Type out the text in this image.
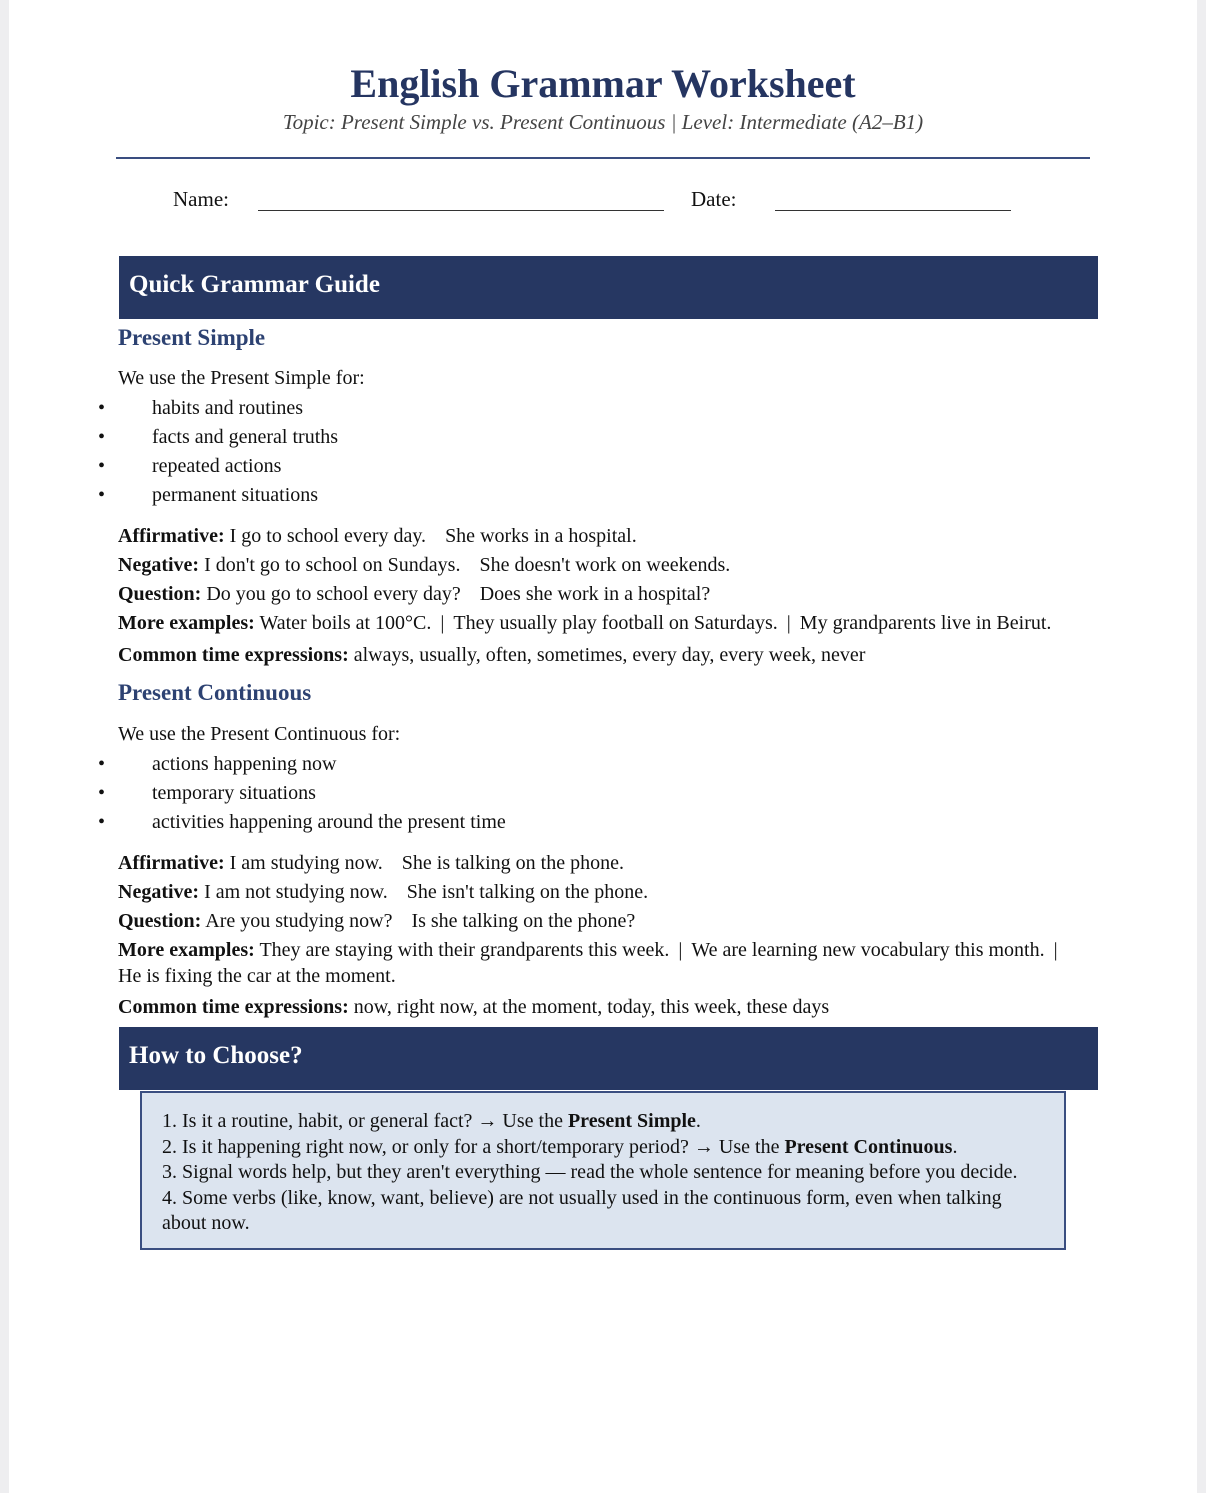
English Grammar Worksheet
Topic: Present Simple vs. Present Continuous | Level: Intermediate (A2–B1)
Name:	Date:
Quick Grammar Guide
Present Simple
We use the Present Simple for:
• habits and routines
• facts and general truths
• repeated actions
• permanent situations
Affirmative: I go to school every day. She works in a hospital.
Negative: I don't go to school on Sundays. She doesn't work on weekends.
Question: Do you go to school every day? Does she work in a hospital?
More examples: Water boils at 100°C. | They usually play football on Saturdays. | My grandparents live in Beirut.
Common time expressions: always, usually, often, sometimes, every day, every week, never
Present Continuous
We use the Present Continuous for:
• actions happening now
• temporary situations
• activities happening around the present time
Affirmative: I am studying now. She is talking on the phone.
Negative: I am not studying now. She isn't talking on the phone.
Question: Are you studying now? Is she talking on the phone?
More examples: They are staying with their grandparents this week. | We are learning new vocabulary this month. |
He is fixing the car at the moment.
Common time expressions: now, right now, at the moment, today, this week, these days
How to Choose?
1. Is it a routine, habit, or general fact? → Use the Present Simple.
2. Is it happening right now, or only for a short/temporary period? → Use the Present Continuous.
3. Signal words help, but they aren't everything — read the whole sentence for meaning before you decide.
4. Some verbs (like, know, want, believe) are not usually used in the continuous form, even when talking about now.
